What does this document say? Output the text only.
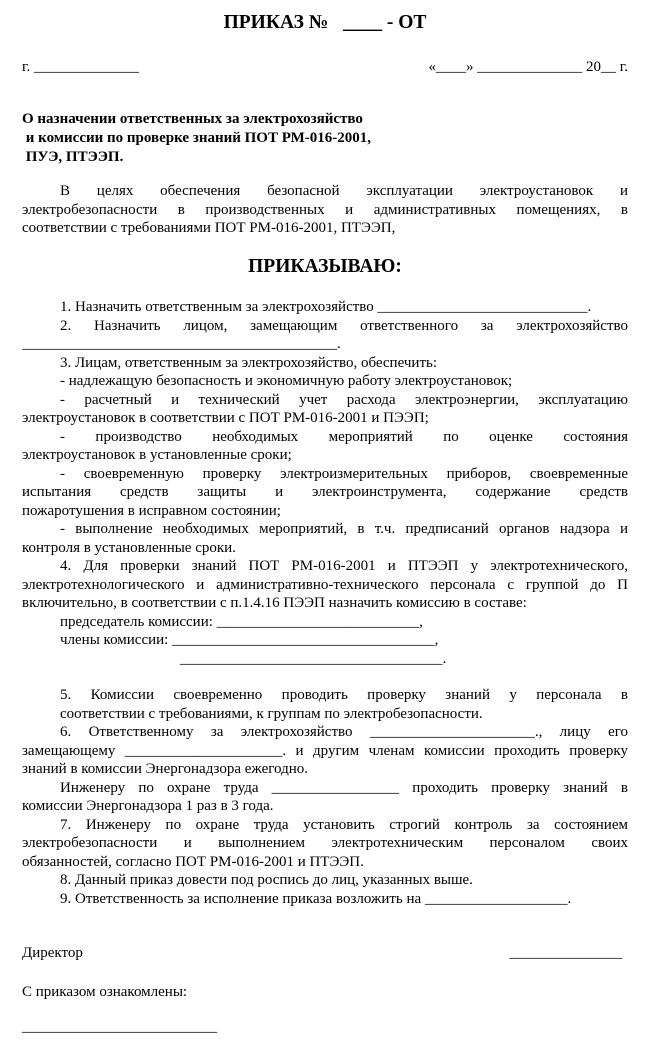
ПРИКАЗ №   ____ - ОТ
г. ______________	«____» ______________ 20__ г.
О назначении ответственных за электрохозяйство
и комиссии по проверке знаний ПОТ РМ-016-2001,
ПУЭ, ПТЭЭП.
В целях обеспечения безопасной эксплуатации электроустановок и
электробезопасности в производственных и административных помещениях, в
соответствии с требованиями ПОТ РМ-016-2001, ПТЭЭП,
ПРИКАЗЫВАЮ:
1. Назначить ответственным за электрохозяйство ____________________________.
2. Назначить лицом, замещающим ответственного за электрохозяйство
__________________________________________.
3. Лицам, ответственным за электрохозяйство, обеспечить:
- надлежащую безопасность и экономичную работу электроустановок;
- расчетный и технический учет расхода электроэнергии, эксплуатацию
электроустановок в соответствии с ПОТ РМ-016-2001 и ПЭЭП;
- производство необходимых мероприятий по оценке состояния
электроустановок в установленные сроки;
- своевременную проверку электроизмерительных приборов, своевременные
испытания средств защиты и электроинструмента, содержание средств
пожаротушения в исправном состоянии;
- выполнение необходимых мероприятий, в т.ч. предписаний органов надзора и
контроля в установленные сроки.
4. Для проверки знаний ПОТ РМ-016-2001 и ПТЭЭП у электротехнического,
электротехнологического и административно-технического персонала с группой до П
включительно, в соответствии с п.1.4.16 ПЭЭП назначить комиссию в составе:
председатель комиссии: ___________________________,
члены комиссии: ___________________________________,
___________________________________.
5. Комиссии своевременно проводить проверку знаний у персонала в
соответствии с требованиями, к группам по электробезопасности.
6. Ответственному за электрохозяйство ______________________., лицу его
замещающему _____________________. и другим членам комиссии проходить проверку
знаний в комиссии Энергонадзора ежегодно.
Инженеру по охране труда _________________ проходить проверку знаний в
комиссии Энергонадзора 1 раз в 3 года.
7. Инженеру по охране труда установить строгий контроль за состоянием
электробезопасности и выполнением электротехническим персоналом своих
обязанностей, согласно ПОТ РМ-016-2001 и ПТЭЭП.
8. Данный приказ довести под роспись до лиц, указанных выше.
9. Ответственность за исполнение приказа возложить на ___________________.
Директор	_______________
С приказом ознакомлены:
__________________________
